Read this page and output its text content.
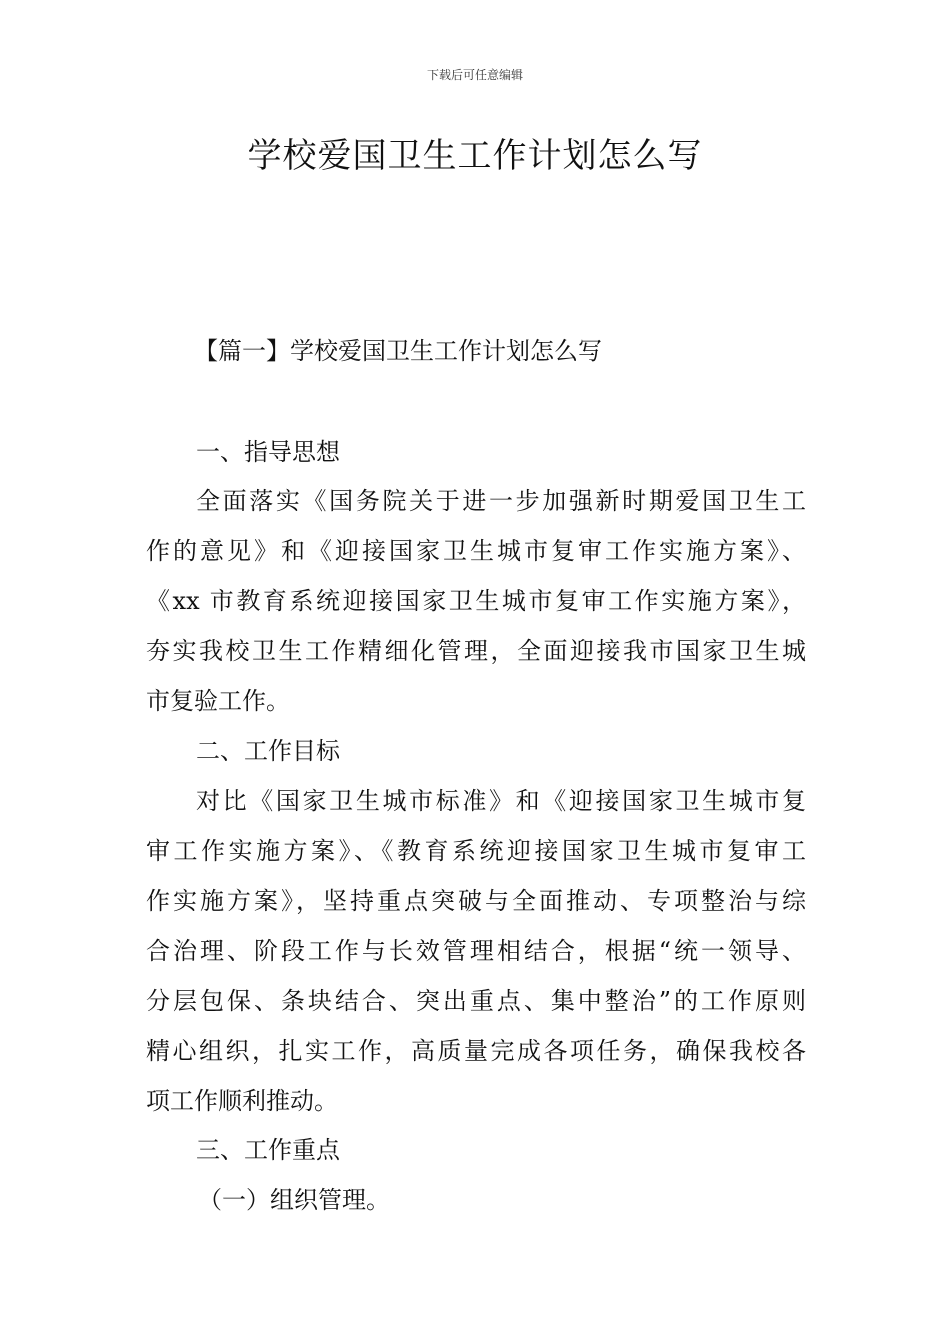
下载后可任意编辑
学校爱国卫生工作计划怎么写
【篇一】学校爱国卫生工作计划怎么写
一、指导思想
全面落实《国务院关于进一步加强新时期爱国卫生工
作的意见》和《迎接国家卫生城市复审工作实施方案》、
《xx 市教育系统迎接国家卫生城市复审工作实施方案》，
夯实我校卫生工作精细化管理，全面迎接我市国家卫生城
市复验工作。
二、工作目标
对比《国家卫生城市标准》和《迎接国家卫生城市复
审工作实施方案》、《教育系统迎接国家卫生城市复审工
作实施方案》，坚持重点突破与全面推动、专项整治与综
合治理、阶段工作与长效管理相结合，根据“统一领导、
分层包保、条块结合、突出重点、集中整治”的工作原则
精心组织，扎实工作，高质量完成各项任务，确保我校各
项工作顺利推动。
三、工作重点
（一）组织管理。
